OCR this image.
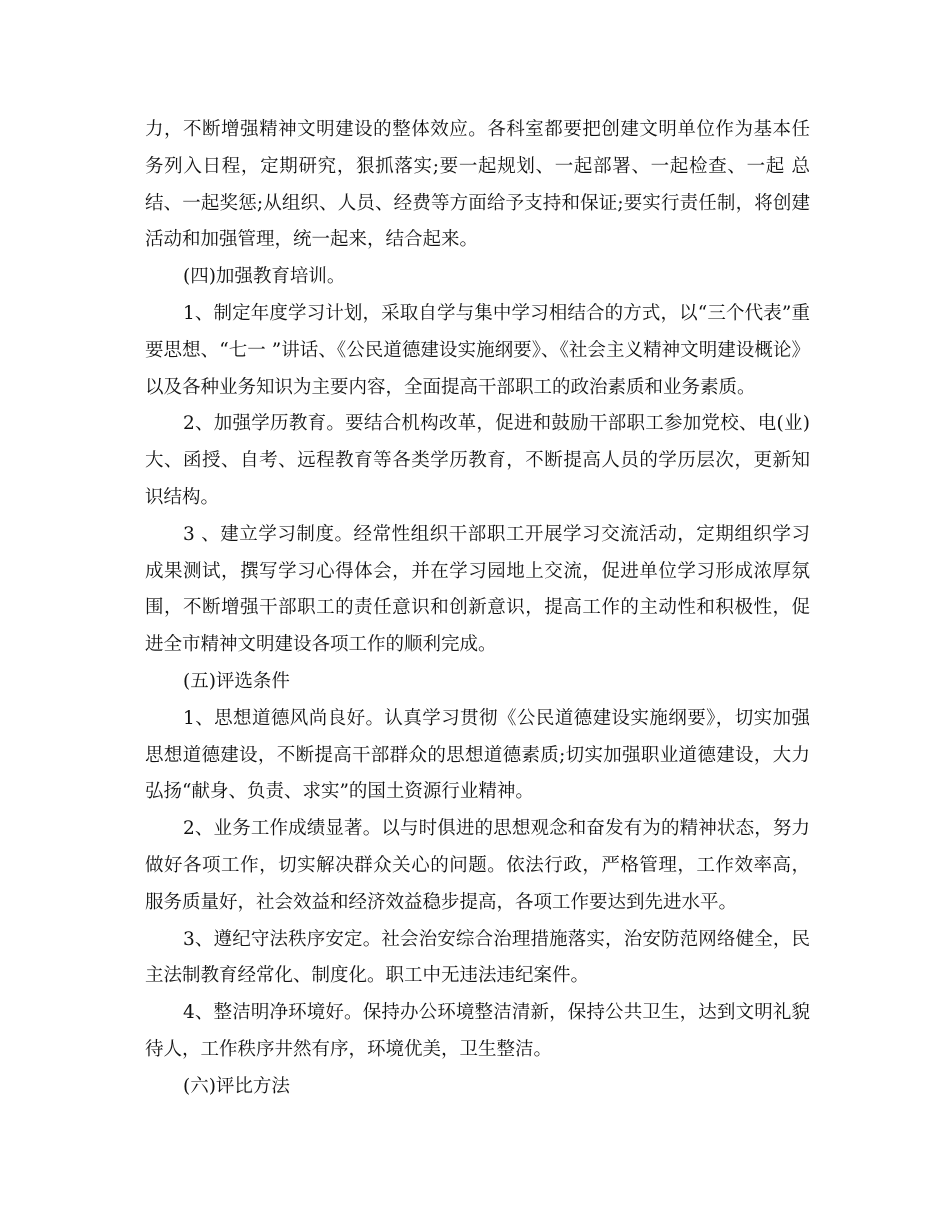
力，不断增强精神文明建设的整体效应。各科室都要把创建文明单位作为基本任务列入日程，定期研究，狠抓落实;要一起规划、一起部署、一起检查、一起 总结、一起奖惩;从组织、人员、经费等方面给予支持和保证;要实行责任制，将创建活动和加强管理，统一起来，结合起来。

(四)加强教育培训。

1、制定年度学习计划，采取自学与集中学习相结合的方式，以“三个代表”重要思想、“七一 ”讲话、《公民道德建设实施纲要》、《社会主义精神文明建设概论》以及各种业务知识为主要内容，全面提高干部职工的政治素质和业务素质。

2、加强学历教育。要结合机构改革，促进和鼓励干部职工参加党校、电(业)大、函授、自考、远程教育等各类学历教育，不断提高人员的学历层次，更新知识结构。

3 、建立学习制度。经常性组织干部职工开展学习交流活动，定期组织学习成果测试，撰写学习心得体会，并在学习园地上交流，促进单位学习形成浓厚氛围，不断增强干部职工的责任意识和创新意识，提高工作的主动性和积极性，促进全市精神文明建设各项工作的顺利完成。

(五)评选条件

1、思想道德风尚良好。认真学习贯彻《公民道德建设实施纲要》，切实加强思想道德建设，不断提高干部群众的思想道德素质;切实加强职业道德建设，大力弘扬“献身、负责、求实”的国土资源行业精神。

2、业务工作成绩显著。以与时俱进的思想观念和奋发有为的精神状态，努力做好各项工作，切实解决群众关心的问题。依法行政，严格管理，工作效率高，服务质量好，社会效益和经济效益稳步提高，各项工作要达到先进水平。

3、遵纪守法秩序安定。社会治安综合治理措施落实，治安防范网络健全，民主法制教育经常化、制度化。职工中无违法违纪案件。

4、整洁明净环境好。保持办公环境整洁清新，保持公共卫生，达到文明礼貌待人，工作秩序井然有序，环境优美，卫生整洁。

(六)评比方法
